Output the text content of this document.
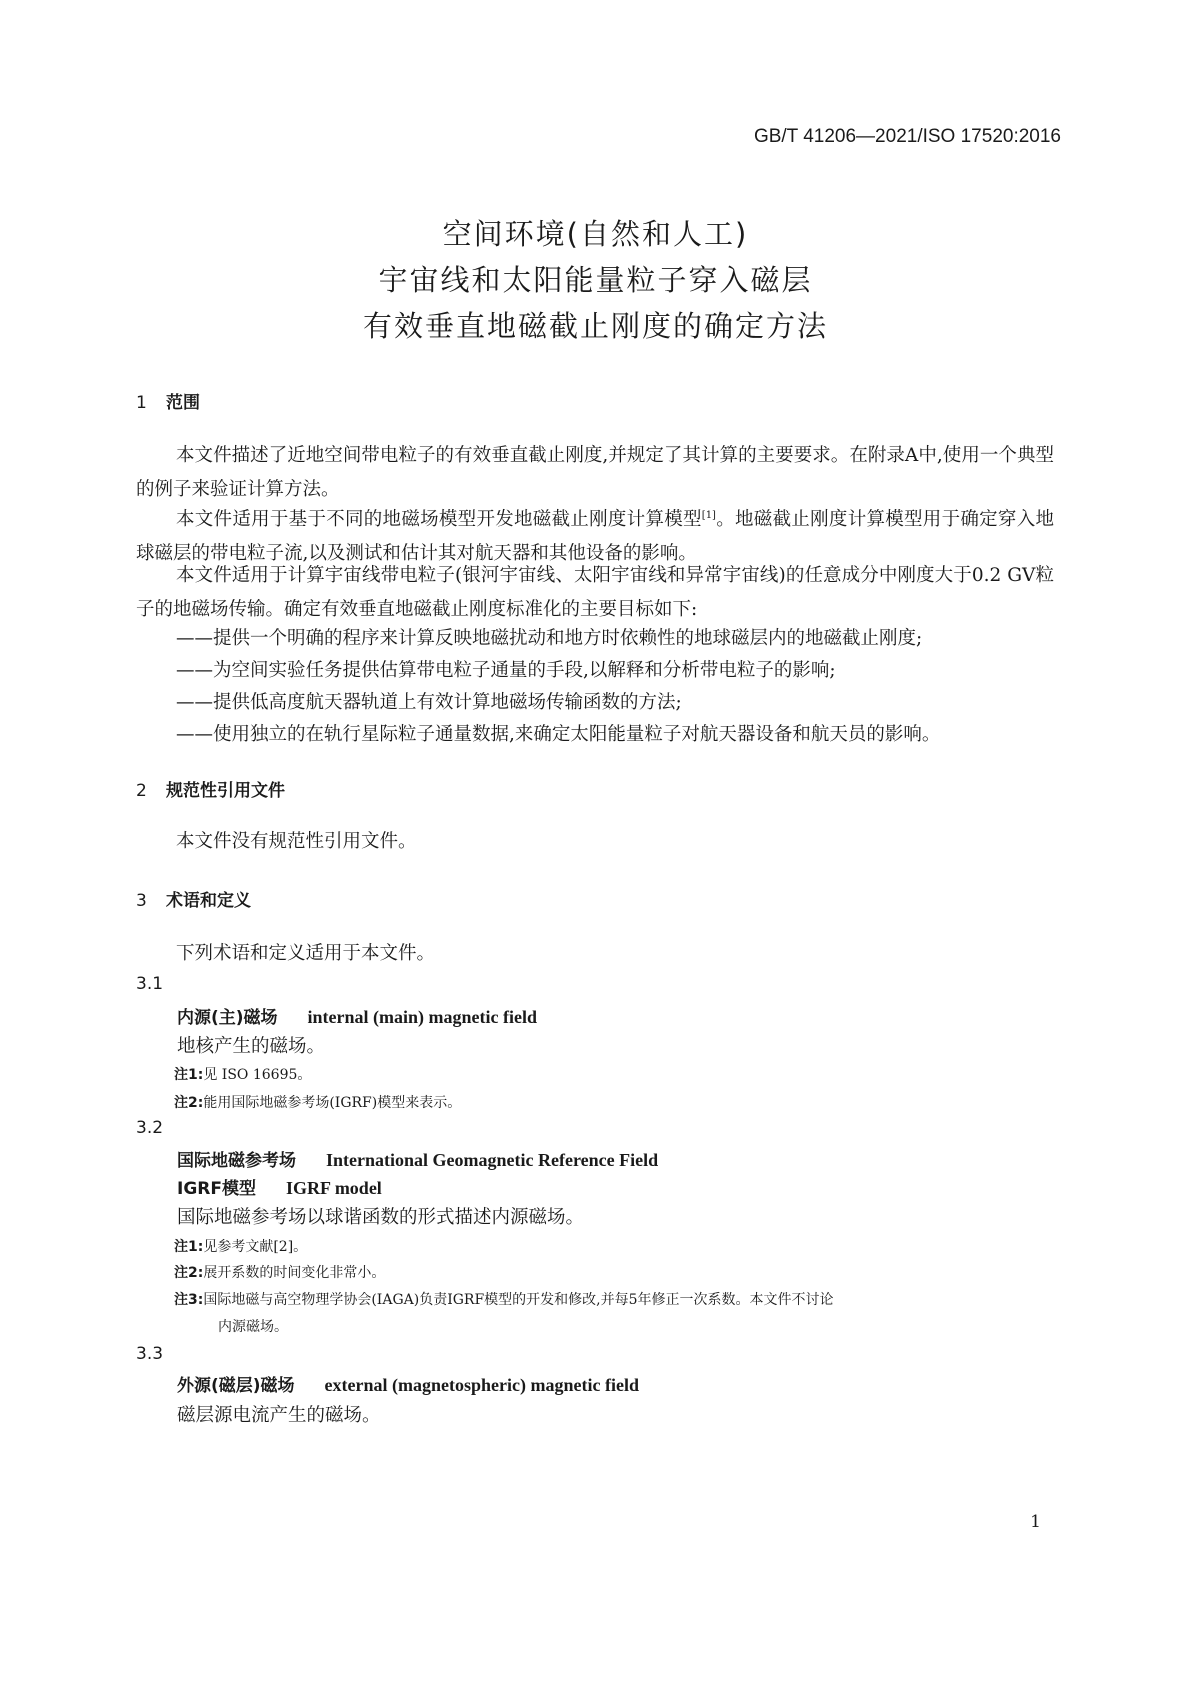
GB/T 41206—2021/ISO 17520:2016
空间环境(自然和人工)
宇宙线和太阳能量粒子穿入磁层
有效垂直地磁截止刚度的确定方法
1 范围
本文件描述了近地空间带电粒子的有效垂直截止刚度,并规定了其计算的主要要求。在附录A中,使用一个典型的例子来验证计算方法。
本文件适用于基于不同的地磁场模型开发地磁截止刚度计算模型[1]。地磁截止刚度计算模型用于确定穿入地球磁层的带电粒子流,以及测试和估计其对航天器和其他设备的影响。
本文件适用于计算宇宙线带电粒子(银河宇宙线、太阳宇宙线和异常宇宙线)的任意成分中刚度大于0.2 GV粒子的地磁场传输。确定有效垂直地磁截止刚度标准化的主要目标如下:
——提供一个明确的程序来计算反映地磁扰动和地方时依赖性的地球磁层内的地磁截止刚度;
——为空间实验任务提供估算带电粒子通量的手段,以解释和分析带电粒子的影响;
——提供低高度航天器轨道上有效计算地磁场传输函数的方法;
——使用独立的在轨行星际粒子通量数据,来确定太阳能量粒子对航天器设备和航天员的影响。
2 规范性引用文件
本文件没有规范性引用文件。
3 术语和定义
下列术语和定义适用于本文件。
3.1
内源(主)磁场 internal (main) magnetic field
地核产生的磁场。
注1:见 ISO 16695。
注2:能用国际地磁参考场(IGRF)模型来表示。
3.2
国际地磁参考场 International Geomagnetic Reference Field
IGRF模型 IGRF model
国际地磁参考场以球谐函数的形式描述内源磁场。
注1:见参考文献[2]。
注2:展开系数的时间变化非常小。
注3:国际地磁与高空物理学协会(IAGA)负责IGRF模型的开发和修改,并每5年修正一次系数。本文件不讨论
内源磁场。
3.3
外源(磁层)磁场 external (magnetospheric) magnetic field
磁层源电流产生的磁场。
1
